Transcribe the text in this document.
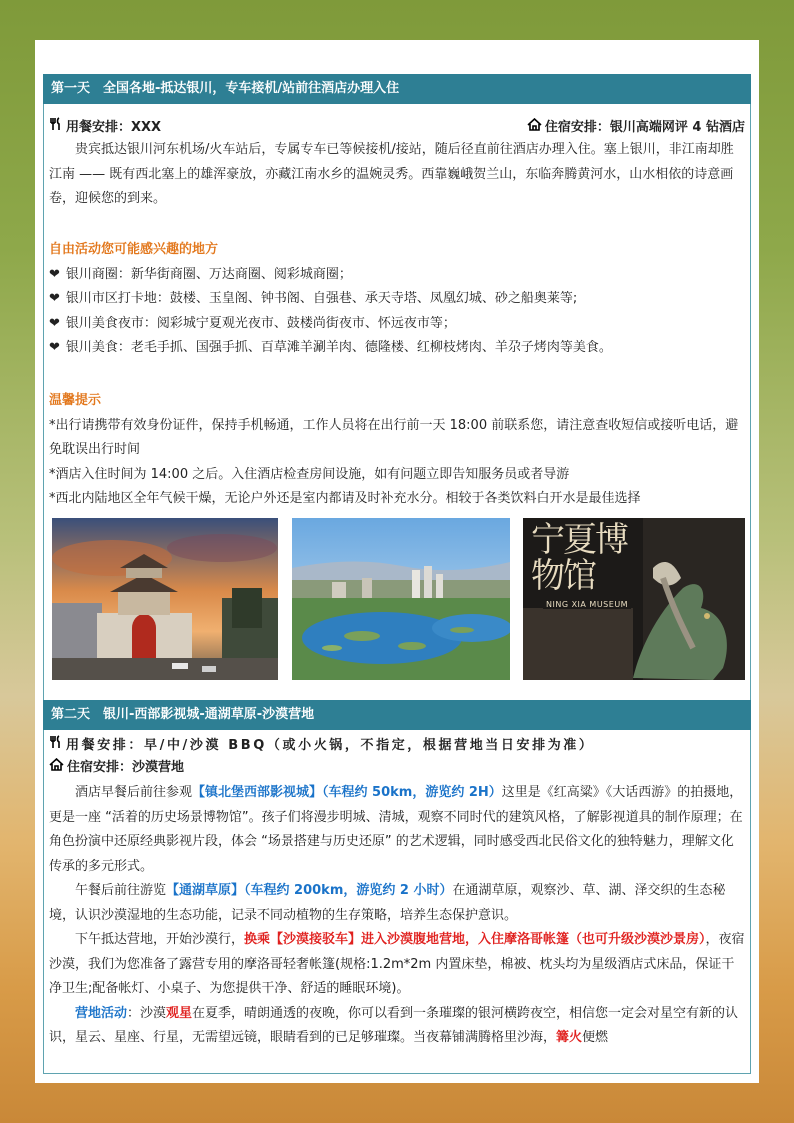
第一天　全国各地-抵达银川，专车接机/站前往酒店办理入住
用餐安排：XXX	住宿安排：银川高端网评 4 钻酒店

贵宾抵达银川河东机场/火车站后，专属专车已等候接机/接站，随后径直前往酒店办理入住。塞上银川，非江南却胜江南 —— 既有西北塞上的雄浑豪放，亦藏江南水乡的温婉灵秀。西靠巍峨贺兰山，东临奔腾黄河水，山水相依的诗意画卷，迎候您的到来。

自由活动您可能感兴趣的地方
❤ 银川商圈：新华街商圈、万达商圈、阅彩城商圈；
❤ 银川市区打卡地：鼓楼、玉皇阁、钟书阁、自强巷、承天寺塔、凤凰幻城、砂之船奥莱等;
❤ 银川美食夜市：阅彩城宁夏观光夜市、鼓楼尚街夜市、怀远夜市等；
❤ 银川美食：老毛手抓、国强手抓、百草滩羊涮羊肉、德隆楼、红柳枝烤肉、羊尕子烤肉等美食。
温馨提示
*出行请携带有效身份证件，保持手机畅通，工作人员将在出行前一天 18:00 前联系您，请注意查收短信或接听电话，避免耽误出行时间
*酒店入住时间为 14:00 之后。入住酒店检查房间设施，如有问题立即告知服务员或者导游
*西北内陆地区全年气候干燥，无论户外还是室内都请及时补充水分。相较于各类饮料白开水是最佳选择
宁夏博物馆
NING XIA MUSEUM
第二天　银川-西部影视城-通湖草原-沙漠营地
用餐安排：早/中/沙漠 BBQ（或小火锅，不指定，根据营地当日安排为准）
住宿安排：沙漠营地

酒店早餐后前往参观【镇北堡西部影视城】（车程约 50km，游览约 2H）这里是《红高粱》《大话西游》的拍摄地，更是一座 “活着的历史场景博物馆”。孩子们将漫步明城、清城，观察不同时代的建筑风格，了解影视道具的制作原理；在角色扮演中还原经典影视片段，体会 “场景搭建与历史还原” 的艺术逻辑，同时感受西北民俗文化的独特魅力，理解文化传承的多元形式。

午餐后前往游览【通湖草原】（车程约 200km，游览约 2 小时）在通湖草原，观察沙、草、湖、泽交织的生态秘境，认识沙漠湿地的生态功能，记录不同动植物的生存策略，培养生态保护意识。

下午抵达营地，开始沙漠行，换乘【沙漠接驳车】进入沙漠腹地营地，入住摩洛哥帐篷（也可升级沙漠沙景房），夜宿沙漠，我们为您准备了露营专用的摩洛哥轻奢帐篷(规格:1.2m*2m 内置床垫，棉被、枕头均为星级酒店式床品，保证干净卫生;配备帐灯、小桌子、为您提供干净、舒适的睡眠环境)。

营地活动：沙漠观星在夏季，晴朗通透的夜晚，你可以看到一条璀璨的银河横跨夜空，相信您一定会对星空有新的认识，星云、星座、行星，无需望远镜，眼睛看到的已足够璀璨。当夜幕铺满腾格里沙海，篝火便燃
